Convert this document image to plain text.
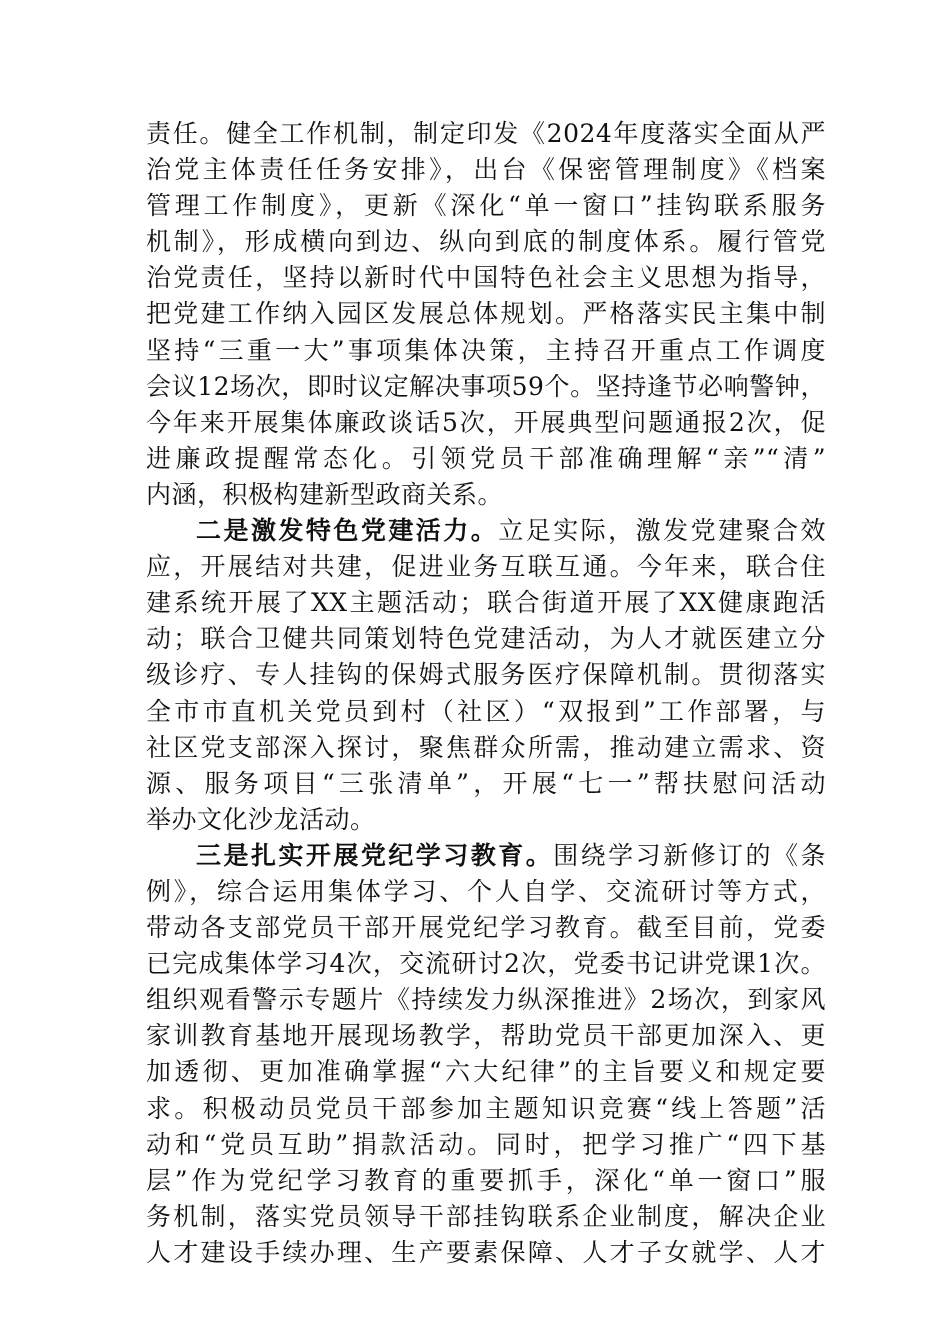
责任。健全工作机制，制定印发《2024年度落实全面从严
治党主体责任任务安排》，出台《保密管理制度》《档案
管理工作制度》，更新《深化“单一窗口”挂钩联系服务
机制》，形成横向到边、纵向到底的制度体系。履行管党
治党责任，坚持以新时代中国特色社会主义思想为指导，
把党建工作纳入园区发展总体规划。严格落实民主集中制
坚持“三重一大”事项集体决策，主持召开重点工作调度
会议12场次，即时议定解决事项59个。坚持逢节必响警钟，
今年来开展集体廉政谈话5次，开展典型问题通报2次，促
进廉政提醒常态化。引领党员干部准确理解“亲”“清”
内涵，积极构建新型政商关系。
二是激发特色党建活力。立足实际，激发党建聚合效
应，开展结对共建，促进业务互联互通。今年来，联合住
建系统开展了XX主题活动；联合街道开展了XX健康跑活
动；联合卫健共同策划特色党建活动，为人才就医建立分
级诊疗、专人挂钩的保姆式服务医疗保障机制。贯彻落实
全市市直机关党员到村（社区）“双报到”工作部署，与
社区党支部深入探讨，聚焦群众所需，推动建立需求、资
源、服务项目“三张清单”，开展“七一”帮扶慰问活动
举办文化沙龙活动。
三是扎实开展党纪学习教育。围绕学习新修订的《条
例》，综合运用集体学习、个人自学、交流研讨等方式，
带动各支部党员干部开展党纪学习教育。截至目前，党委
已完成集体学习4次，交流研讨2次，党委书记讲党课1次。
组织观看警示专题片《持续发力纵深推进》2场次，到家风
家训教育基地开展现场教学，帮助党员干部更加深入、更
加透彻、更加准确掌握“六大纪律”的主旨要义和规定要
求。积极动员党员干部参加主题知识竞赛“线上答题”活
动和“党员互助”捐款活动。同时，把学习推广“四下基
层”作为党纪学习教育的重要抓手，深化“单一窗口”服
务机制，落实党员领导干部挂钩联系企业制度，解决企业
人才建设手续办理、生产要素保障、人才子女就学、人才
